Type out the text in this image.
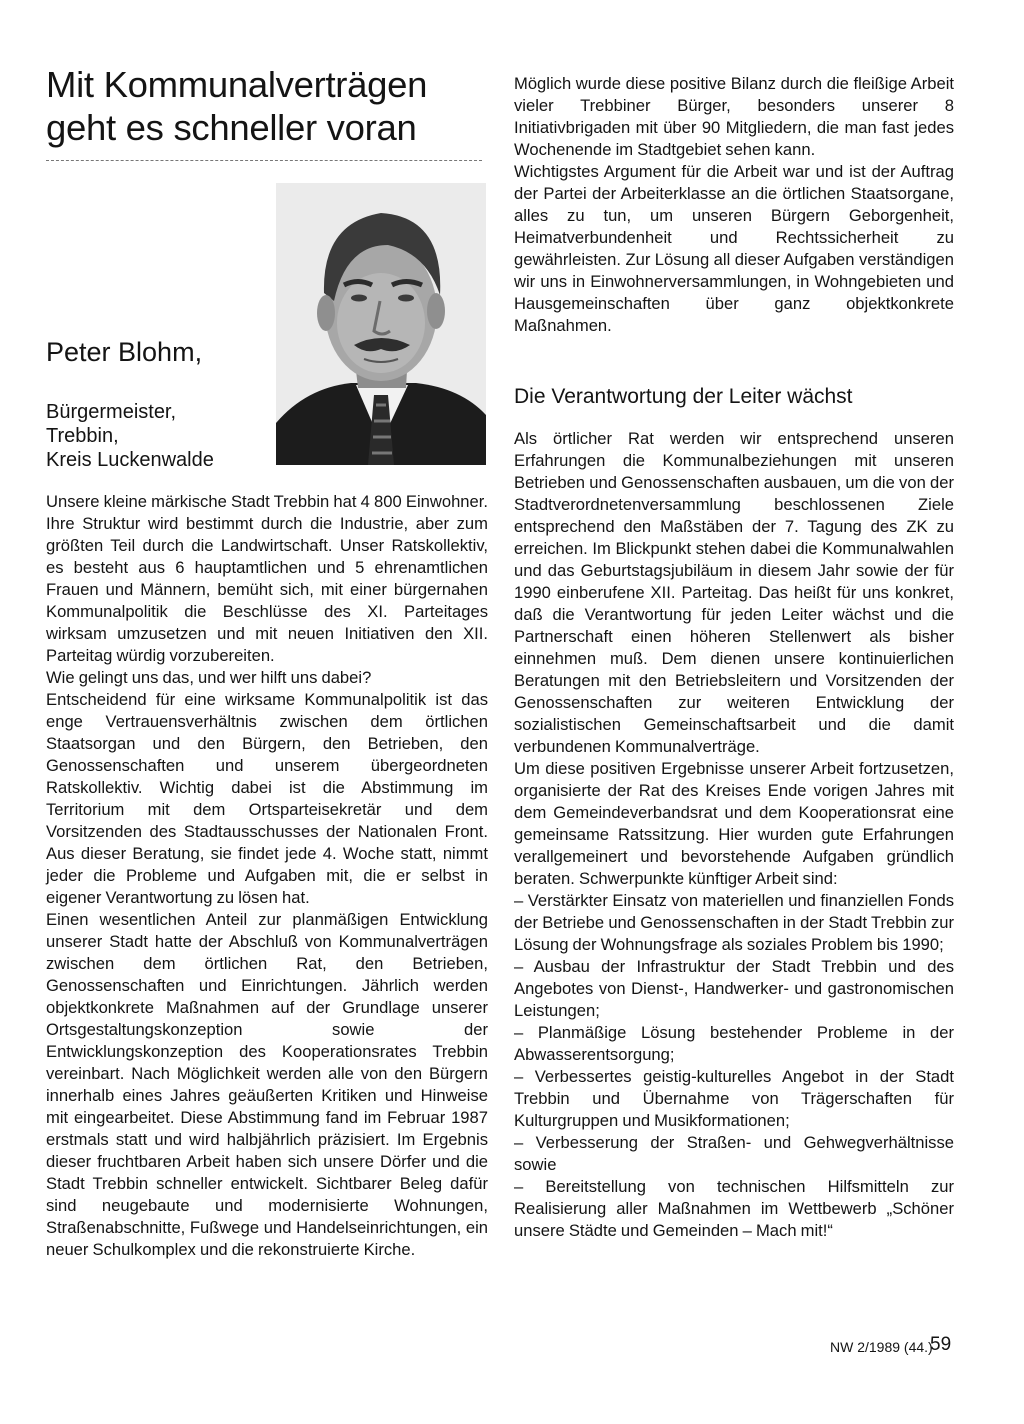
Mit Kommunalverträgen
geht es schneller voran
Peter Blohm,
Bürgermeister,
Trebbin,
Kreis Luckenwalde

Unsere kleine märkische Stadt Trebbin hat 4 800 Einwohner. Ihre Struktur wird bestimmt durch die Industrie, aber zum größten Teil durch die Landwirtschaft. Unser Ratskollektiv, es besteht aus 6 hauptamtlichen und 5 ehrenamtlichen Frauen und Männern, bemüht sich, mit einer bürgernahen Kommunalpolitik die Beschlüsse des XI. Parteitages wirksam umzusetzen und mit neuen Initiativen den XII. Parteitag würdig vorzubereiten.

Wie gelingt uns das, und wer hilft uns dabei?

Entscheidend für eine wirksame Kommunalpolitik ist das enge Vertrauensverhältnis zwischen dem örtlichen Staatsorgan und den Bürgern, den Betrieben, den Genossenschaften und unserem übergeordneten Ratskollektiv. Wichtig dabei ist die Abstimmung im Territorium mit dem Ortsparteisekretär und dem Vorsitzenden des Stadtausschusses der Nationalen Front. Aus dieser Beratung, sie findet jede 4. Woche statt, nimmt jeder die Probleme und Aufgaben mit, die er selbst in eigener Verantwortung zu lösen hat.

Einen wesentlichen Anteil zur planmäßigen Entwicklung unserer Stadt hatte der Abschluß von Kommunalverträgen zwischen dem örtlichen Rat, den Betrieben, Genossenschaften und Einrichtungen. Jährlich werden objektkonkrete Maßnahmen auf der Grundlage unserer Ortsgestaltungskonzeption sowie der Entwicklungskonzeption des Kooperationsrates Trebbin vereinbart. Nach Möglichkeit werden alle von den Bürgern innerhalb eines Jahres geäußerten Kritiken und Hinweise mit eingearbeitet. Diese Abstimmung fand im Februar 1987 erstmals statt und wird halbjährlich präzisiert. Im Ergebnis dieser fruchtbaren Arbeit haben sich unsere Dörfer und die Stadt Trebbin schneller entwickelt. Sichtbarer Beleg dafür sind neugebaute und modernisierte Wohnungen, Straßenabschnitte, Fußwege und Handelseinrichtungen, ein neuer Schulkomplex und die rekonstruierte Kirche.

Möglich wurde diese positive Bilanz durch die fleißige Arbeit vieler Trebbiner Bürger, besonders unserer 8 Initiativbrigaden mit über 90 Mitgliedern, die man fast jedes Wochenende im Stadtgebiet sehen kann.

Wichtigstes Argument für die Arbeit war und ist der Auftrag der Partei der Arbeiterklasse an die örtlichen Staatsorgane, alles zu tun, um unseren Bürgern Geborgenheit, Heimatverbundenheit und Rechtssicherheit zu gewährleisten. Zur Lösung all dieser Aufgaben verständigen wir uns in Einwohnerversammlungen, in Wohngebieten und Hausgemeinschaften über ganz objektkonkrete Maßnahmen.

Die Verantwortung der Leiter wächst

Als örtlicher Rat werden wir entsprechend unseren Erfahrungen die Kommunalbeziehungen mit unseren Betrieben und Genossenschaften ausbauen, um die von der Stadtverordnetenversammlung beschlossenen Ziele entsprechend den Maßstäben der 7. Tagung des ZK zu erreichen. Im Blickpunkt stehen dabei die Kommunalwahlen und das Geburtstagsjubiläum in diesem Jahr sowie der für 1990 einberufene XII. Parteitag. Das heißt für uns konkret, daß die Verantwortung für jeden Leiter wächst und die Partnerschaft einen höheren Stellenwert als bisher einnehmen muß. Dem dienen unsere kontinuierlichen Beratungen mit den Betriebsleitern und Vorsitzenden der Genossenschaften zur weiteren Entwicklung der sozialistischen Gemeinschaftsarbeit und die damit verbundenen Kommunalverträge.

Um diese positiven Ergebnisse unserer Arbeit fortzusetzen, organisierte der Rat des Kreises Ende vorigen Jahres mit dem Gemeindeverbandsrat und dem Kooperationsrat eine gemeinsame Ratssitzung. Hier wurden gute Erfahrungen verallgemeinert und bevorstehende Aufgaben gründlich beraten. Schwerpunkte künftiger Arbeit sind:

– Verstärkter Einsatz von materiellen und finanziellen Fonds der Betriebe und Genossenschaften in der Stadt Trebbin zur Lösung der Wohnungsfrage als soziales Problem bis 1990;

– Ausbau der Infrastruktur der Stadt Trebbin und des Angebotes von Dienst-, Handwerker- und gastronomischen Leistungen;

– Planmäßige Lösung bestehender Probleme in der Abwasserentsorgung;

– Verbessertes geistig-kulturelles Angebot in der Stadt Trebbin und Übernahme von Trägerschaften für Kulturgruppen und Musikformationen;

– Verbesserung der Straßen- und Gehwegverhältnisse sowie

– Bereitstellung von technischen Hilfsmitteln zur Realisierung aller Maßnahmen im Wettbewerb „Schöner unsere Städte und Gemeinden – Mach mit!“

NW 2/1989 (44.)
59
